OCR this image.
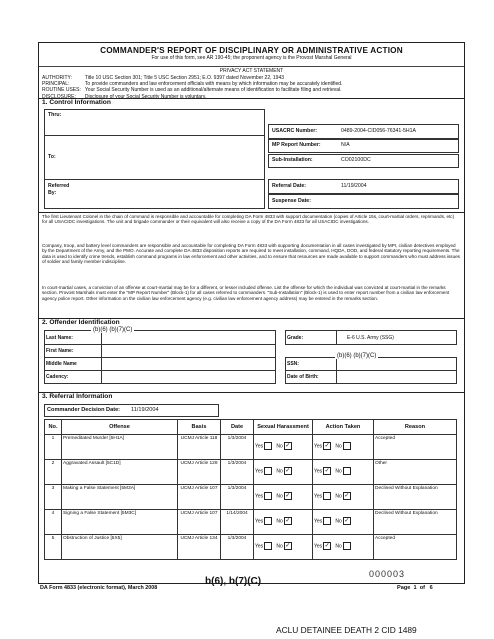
COMMANDER'S REPORT OF DISCIPLINARY OR ADMINISTRATIVE ACTION
For use of this form, see AR 190-45; the proponent agency is the Provost Marshal General
PRIVACY ACT STATEMENT
AUTHORITY:	Title 10 USC Section 301; Title 5 USC Section 2951; E.O. 9397 dated November 22, 1943
PRINCIPAL:	To provide commanders and law enforcement officials with means by which information may be accurately identified.
ROUTINE USES:	Your Social Security Number is used as an additional/alternate means of identification to facilitate filing and retrieval.
DISCLOSURE:	Disclosure of your Social Security Number is voluntary.
1. Control Information
Thru:
To:
Referred By:
USACRC Number:	0489-2004-CID056-76341-5H1A
MP Report Number:	N/A
Sub-Installation:	CO02100DC
Referral Date:	11/19/2004
Suspense Date:
The first Lieutenant Colonel in the chain of command is responsible and accountable for completing DA Form 4833 with support documentation (copies of Article 15s, court-martial orders, reprimands, etc) for all USACIDC investigations. The unit and brigade commander or their equivalent will also receive a copy of the DA Form 4833 for all USACIDC investigations.
Company, troop, and battery level commanders are responsible and accountable for completing DA Form 4833 with supporting documentation in all cases investigated by MPI, civilian detectives employed by the Department of the Army, and the PMO. Accurate and complete DA 4833 disposition reports are required to meet installation, command, HQDA, DOD, and federal statutory reporting requirements. The data is used to identify crime trends, establish command programs in law enforcement and other activities, and to ensure that resources are made available to support commanders who must address issues of soldier and family member indiscipline.
In court-martial cases, a conviction of an offense at court-martial may be for a different, or lesser included offense. List the offense for which the individual was convicted at court-martial in the remarks section. Provost Marshals must enter the "MP Report Number" (Block-1) for all cases referred to commanders. "Sub-Installation" (Block-1) is used to enter report number from a civilian law enforcement agency police report. Other information on the civilian law enforcement agency (e.g. civilian law enforcement agency address) may be entered in the remarks section.
2. Offender Identification
Last Name:	
First Name:	
Middle Name	
Cadency:	
(b)(6) (b)(7)(C)
Grade:	E-6 U.S. Army (SSG)

SSN:	
Date of Birth:	
(b)(6) (b)(7)(C)
3. Referral Information
Commander Decision Date: 11/19/2004
No.	Offense	Basis	Date	Sexual Harassment	Action Taken	Reason
1	Premeditated Murder [5H1A]	UCMJ Article 118	1/3/2004	Yes No ✓	Yes ✓ No	Accepted
2	Aggravated Assault [5C1D]	UCMJ Article 128	1/3/2004	Yes No ✓	Yes ✓ No	Other
3	Making a False Statement [5M3A]	UCMJ Article 107	1/3/2004	Yes No ✓	Yes No ✓	Declined Without Explanation
4	Signing a False Statement [5M3C]	UCMJ Article 107	1/14/2004	Yes No ✓	Yes No ✓	Declined Without Explanation
5	Obstruction of Justice [5X5]	UCMJ Article 134	1/3/2004	Yes No ✓	Yes ✓ No	Accepted
DA Form 4833 (electronic format), March 2008
b(6), b(7)(C)
000003
Page  1  of   6
ACLU DETAINEE DEATH 2 CID 1489
